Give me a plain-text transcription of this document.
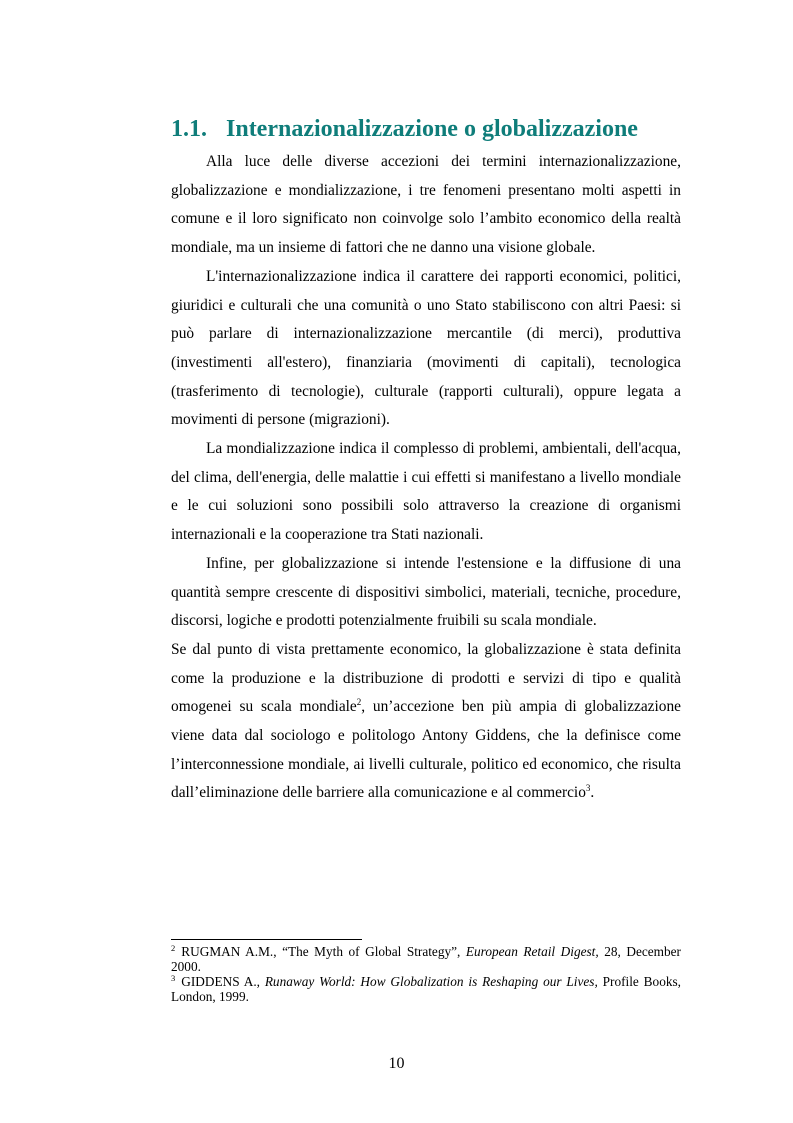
1.1. Internazionalizzazione o globalizzazione

Alla luce delle diverse accezioni dei termini internazionalizzazione, globalizzazione e mondializzazione, i tre fenomeni presentano molti aspetti in comune e il loro significato non coinvolge solo l’ambito economico della realtà mondiale, ma un insieme di fattori che ne danno una visione globale.

L'internazionalizzazione indica il carattere dei rapporti economici, politici, giuridici e culturali che una comunità o uno Stato stabiliscono con altri Paesi: si può parlare di internazionalizzazione mercantile (di merci), produttiva (investimenti all'estero), finanziaria (movimenti di capitali), tecnologica (trasferimento di tecnologie), culturale (rapporti culturali), oppure legata a movimenti di persone (migrazioni).

La mondializzazione indica il complesso di problemi, ambientali, dell'acqua, del clima, dell'energia, delle malattie i cui effetti si manifestano a livello mondiale e le cui soluzioni sono possibili solo attraverso la creazione di organismi internazionali e la cooperazione tra Stati nazionali.

Infine, per globalizzazione si intende l'estensione e la diffusione di una quantità sempre crescente di dispositivi simbolici, materiali, tecniche, procedure, discorsi, logiche e prodotti potenzialmente fruibili su scala mondiale.

Se dal punto di vista prettamente economico, la globalizzazione è stata definita come la produzione e la distribuzione di prodotti e servizi di tipo e qualità omogenei su scala mondiale$^2$, un’accezione ben più ampia di globalizzazione viene data dal sociologo e politologo Antony Giddens, che la definisce come l’interconnessione mondiale, ai livelli culturale, politico ed economico, che risulta dall’eliminazione delle barriere alla comunicazione e al commercio$^3$.

$^2$ RUGMAN A.M., “The Myth of Global Strategy”, European Retail Digest, 28, December 2000.

$^3$ GIDDENS A., Runaway World: How Globalization is Reshaping our Lives, Profile Books, London, 1999.

10
